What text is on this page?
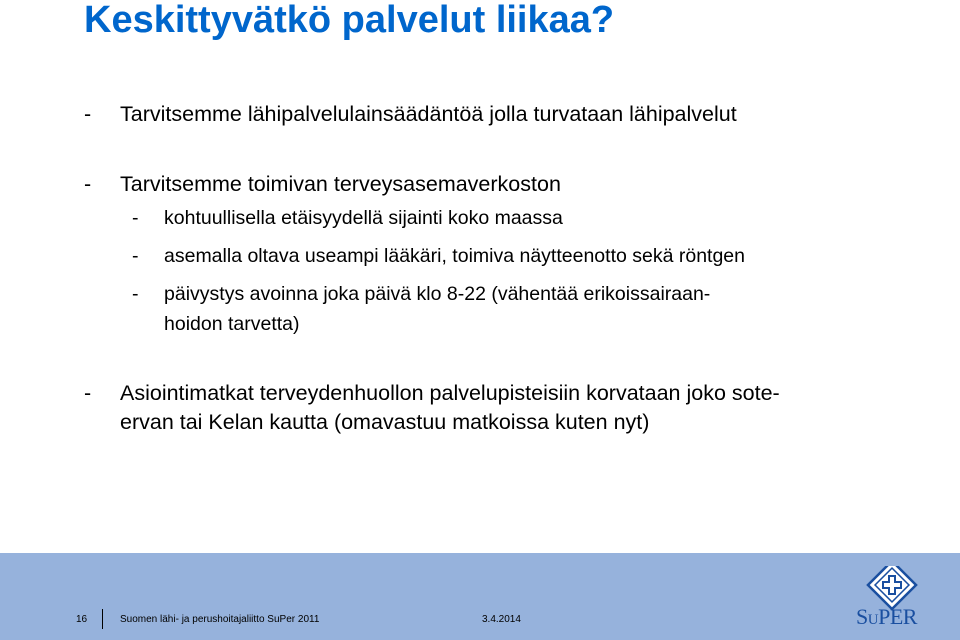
Keskittyvätkö palvelut liikaa?
-	Tarvitsemme lähipalvelulainsäädäntöä jolla turvataan lähipalvelut
-	Tarvitsemme toimivan terveysasemaverkoston
-	kohtuullisella etäisyydellä sijainti koko maassa
-	asemalla oltava useampi lääkäri, toimiva näytteenotto sekä röntgen
-	päivystys avoinna joka päivä klo 8-22 (vähentää erikoissairaan-
hoidon tarvetta)
-	Asiointimatkat terveydenhuollon palvelupisteisiin korvataan joko sote-
ervan tai Kelan kautta (omavastuu matkoissa kuten nyt)
16	Suomen lähi- ja perushoitajaliitto SuPer 2011	3.4.2014	SUPER
